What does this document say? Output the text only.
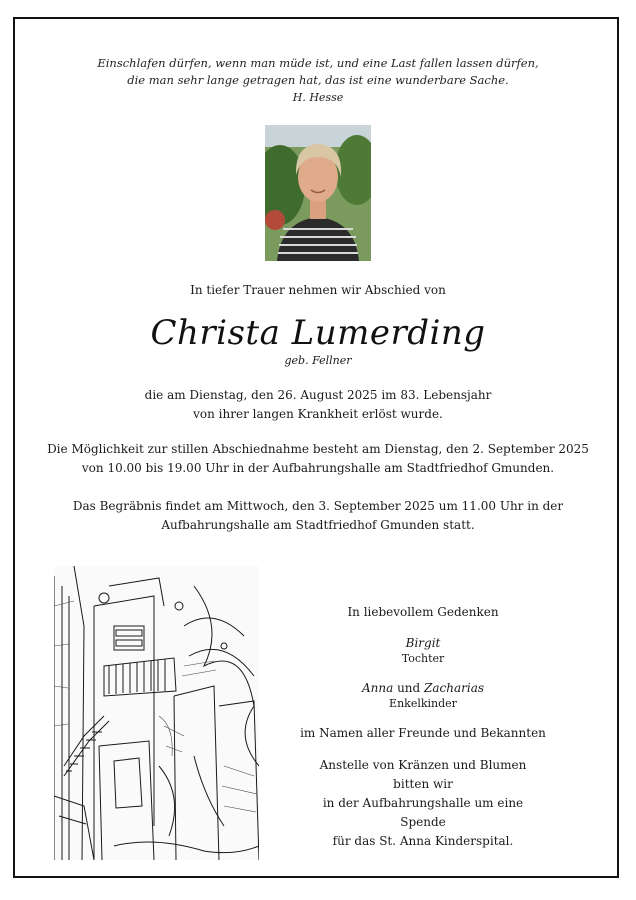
Einschlafen dürfen, wenn man müde ist, und eine Last fallen lassen dürfen,
die man sehr lange getragen hat, das ist eine wunderbare Sache.
H. Hesse
In tiefer Trauer nehmen wir Abschied von
Christa Lumerding
geb. Fellner
die am Dienstag, den 26. August 2025 im 83. Lebensjahr
von ihrer langen Krankheit erlöst wurde.
Die Möglichkeit zur stillen Abschiednahme besteht am Dienstag, den 2. September 2025
von 10.00 bis 19.00 Uhr in der Aufbahrungshalle am Stadtfriedhof Gmunden.
Das Begräbnis findet am Mittwoch, den 3. September 2025 um 11.00 Uhr in der
Aufbahrungshalle am Stadtfriedhof Gmunden statt.
In liebevollem Gedenken
Birgit
Tochter
Anna und Zacharias
Enkelkinder
im Namen aller Freunde und Bekannten
Anstelle von Kränzen und Blumen bitten wir
in der Aufbahrungshalle um eine Spende
für das St. Anna Kinderspital.
